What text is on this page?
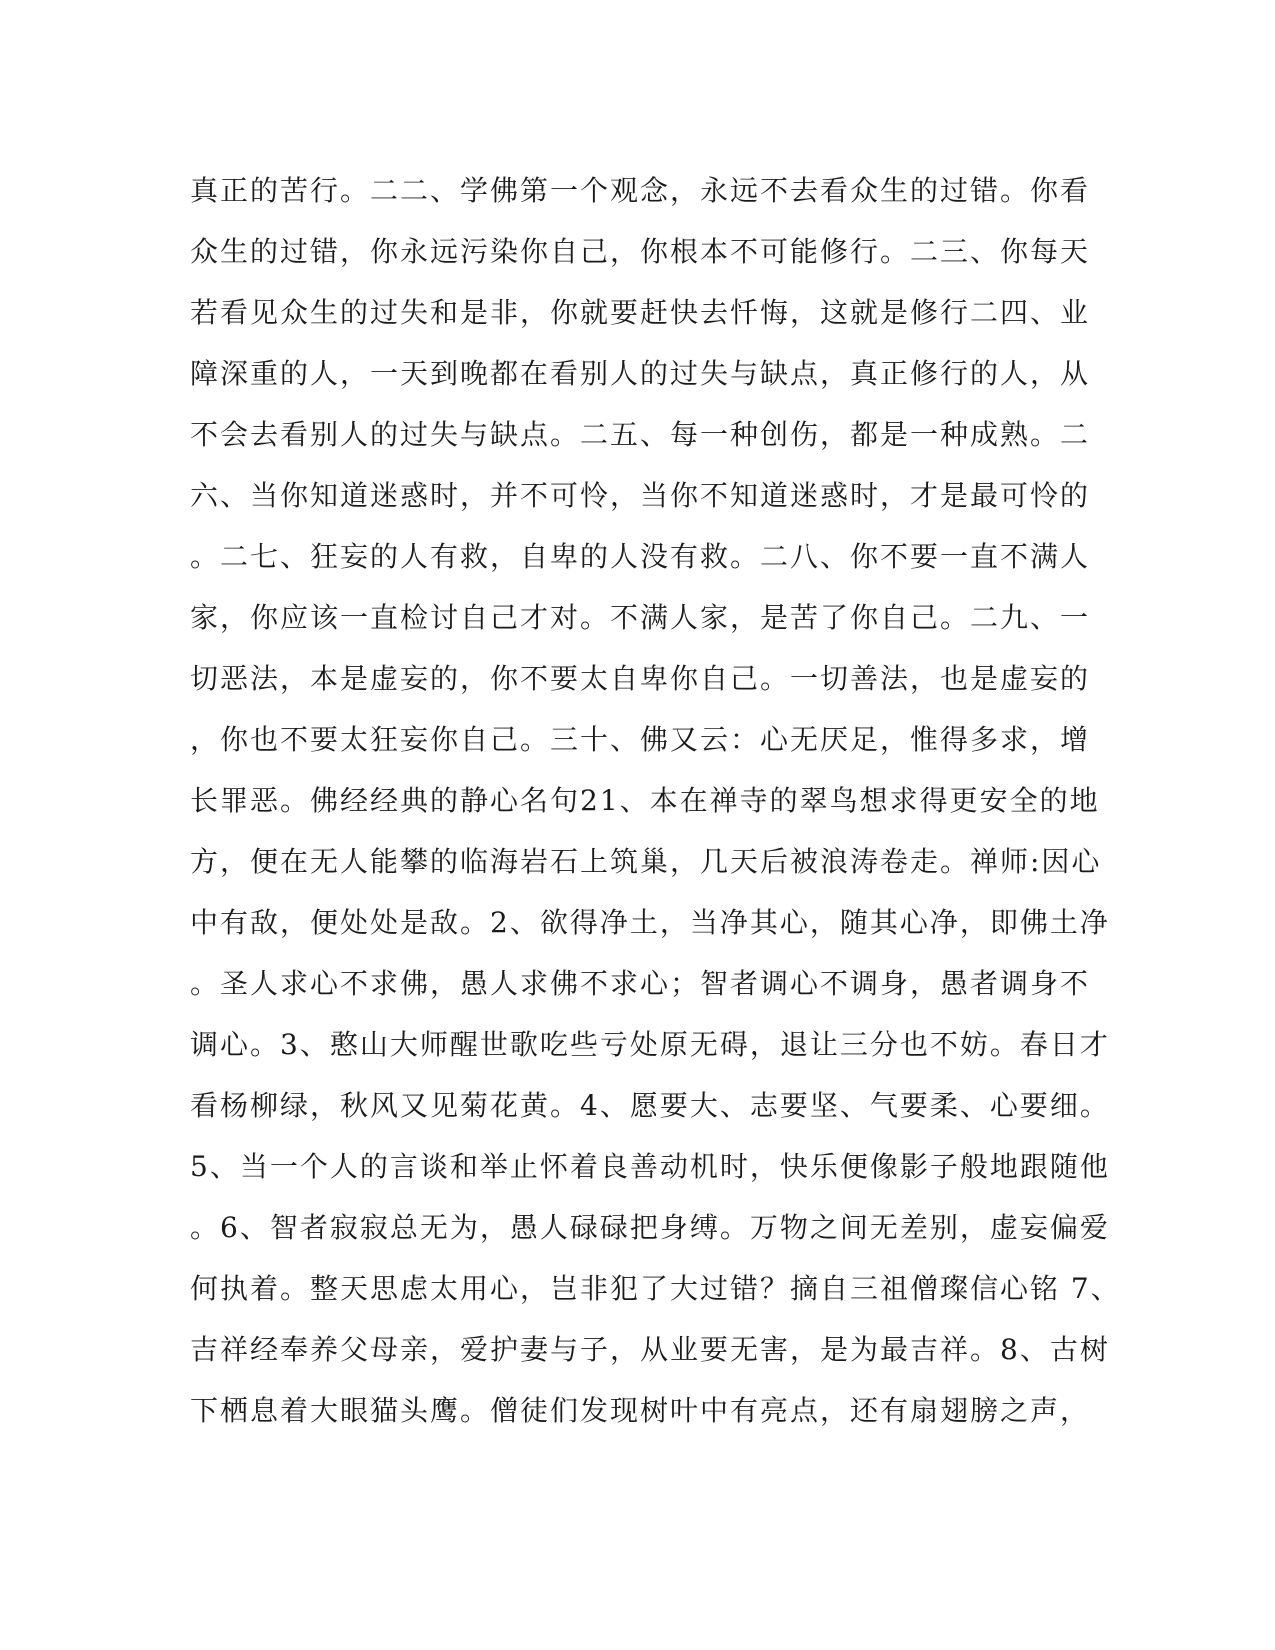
真正的苦行。二二、学佛第一个观念，永远不去看众生的过错。你看
众生的过错，你永远污染你自己，你根本不可能修行。二三、你每天
若看见众生的过失和是非，你就要赶快去忏悔，这就是修行二四、业
障深重的人，一天到晚都在看别人的过失与缺点，真正修行的人，从
不会去看别人的过失与缺点。二五、每一种创伤，都是一种成熟。二
六、当你知道迷惑时，并不可怜，当你不知道迷惑时，才是最可怜的
。二七、狂妄的人有救，自卑的人没有救。二八、你不要一直不满人
家，你应该一直检讨自己才对。不满人家，是苦了你自己。二九、一
切恶法，本是虚妄的，你不要太自卑你自己。一切善法，也是虚妄的
，你也不要太狂妄你自己。三十、佛又云：心无厌足，惟得多求，增
长罪恶。佛经经典的静心名句21、本在禅寺的翠鸟想求得更安全的地
方，便在无人能攀的临海岩石上筑巢，几天后被浪涛卷走。禅师:因心
中有敌，便处处是敌。2、欲得净土，当净其心，随其心净，即佛土净
。圣人求心不求佛，愚人求佛不求心；智者调心不调身，愚者调身不
调心。3、憨山大师醒世歌吃些亏处原无碍，退让三分也不妨。春日才
看杨柳绿，秋风又见菊花黄。4、愿要大、志要坚、气要柔、心要细。
5、当一个人的言谈和举止怀着良善动机时，快乐便像影子般地跟随他
。6、智者寂寂总无为，愚人碌碌把身缚。万物之间无差别，虚妄偏爱
何执着。整天思虑太用心，岂非犯了大过错？摘自三祖僧璨信心铭 7、
吉祥经奉养父母亲，爱护妻与子，从业要无害，是为最吉祥。8、古树
下栖息着大眼猫头鹰。僧徒们发现树叶中有亮点，还有扇翅膀之声，
